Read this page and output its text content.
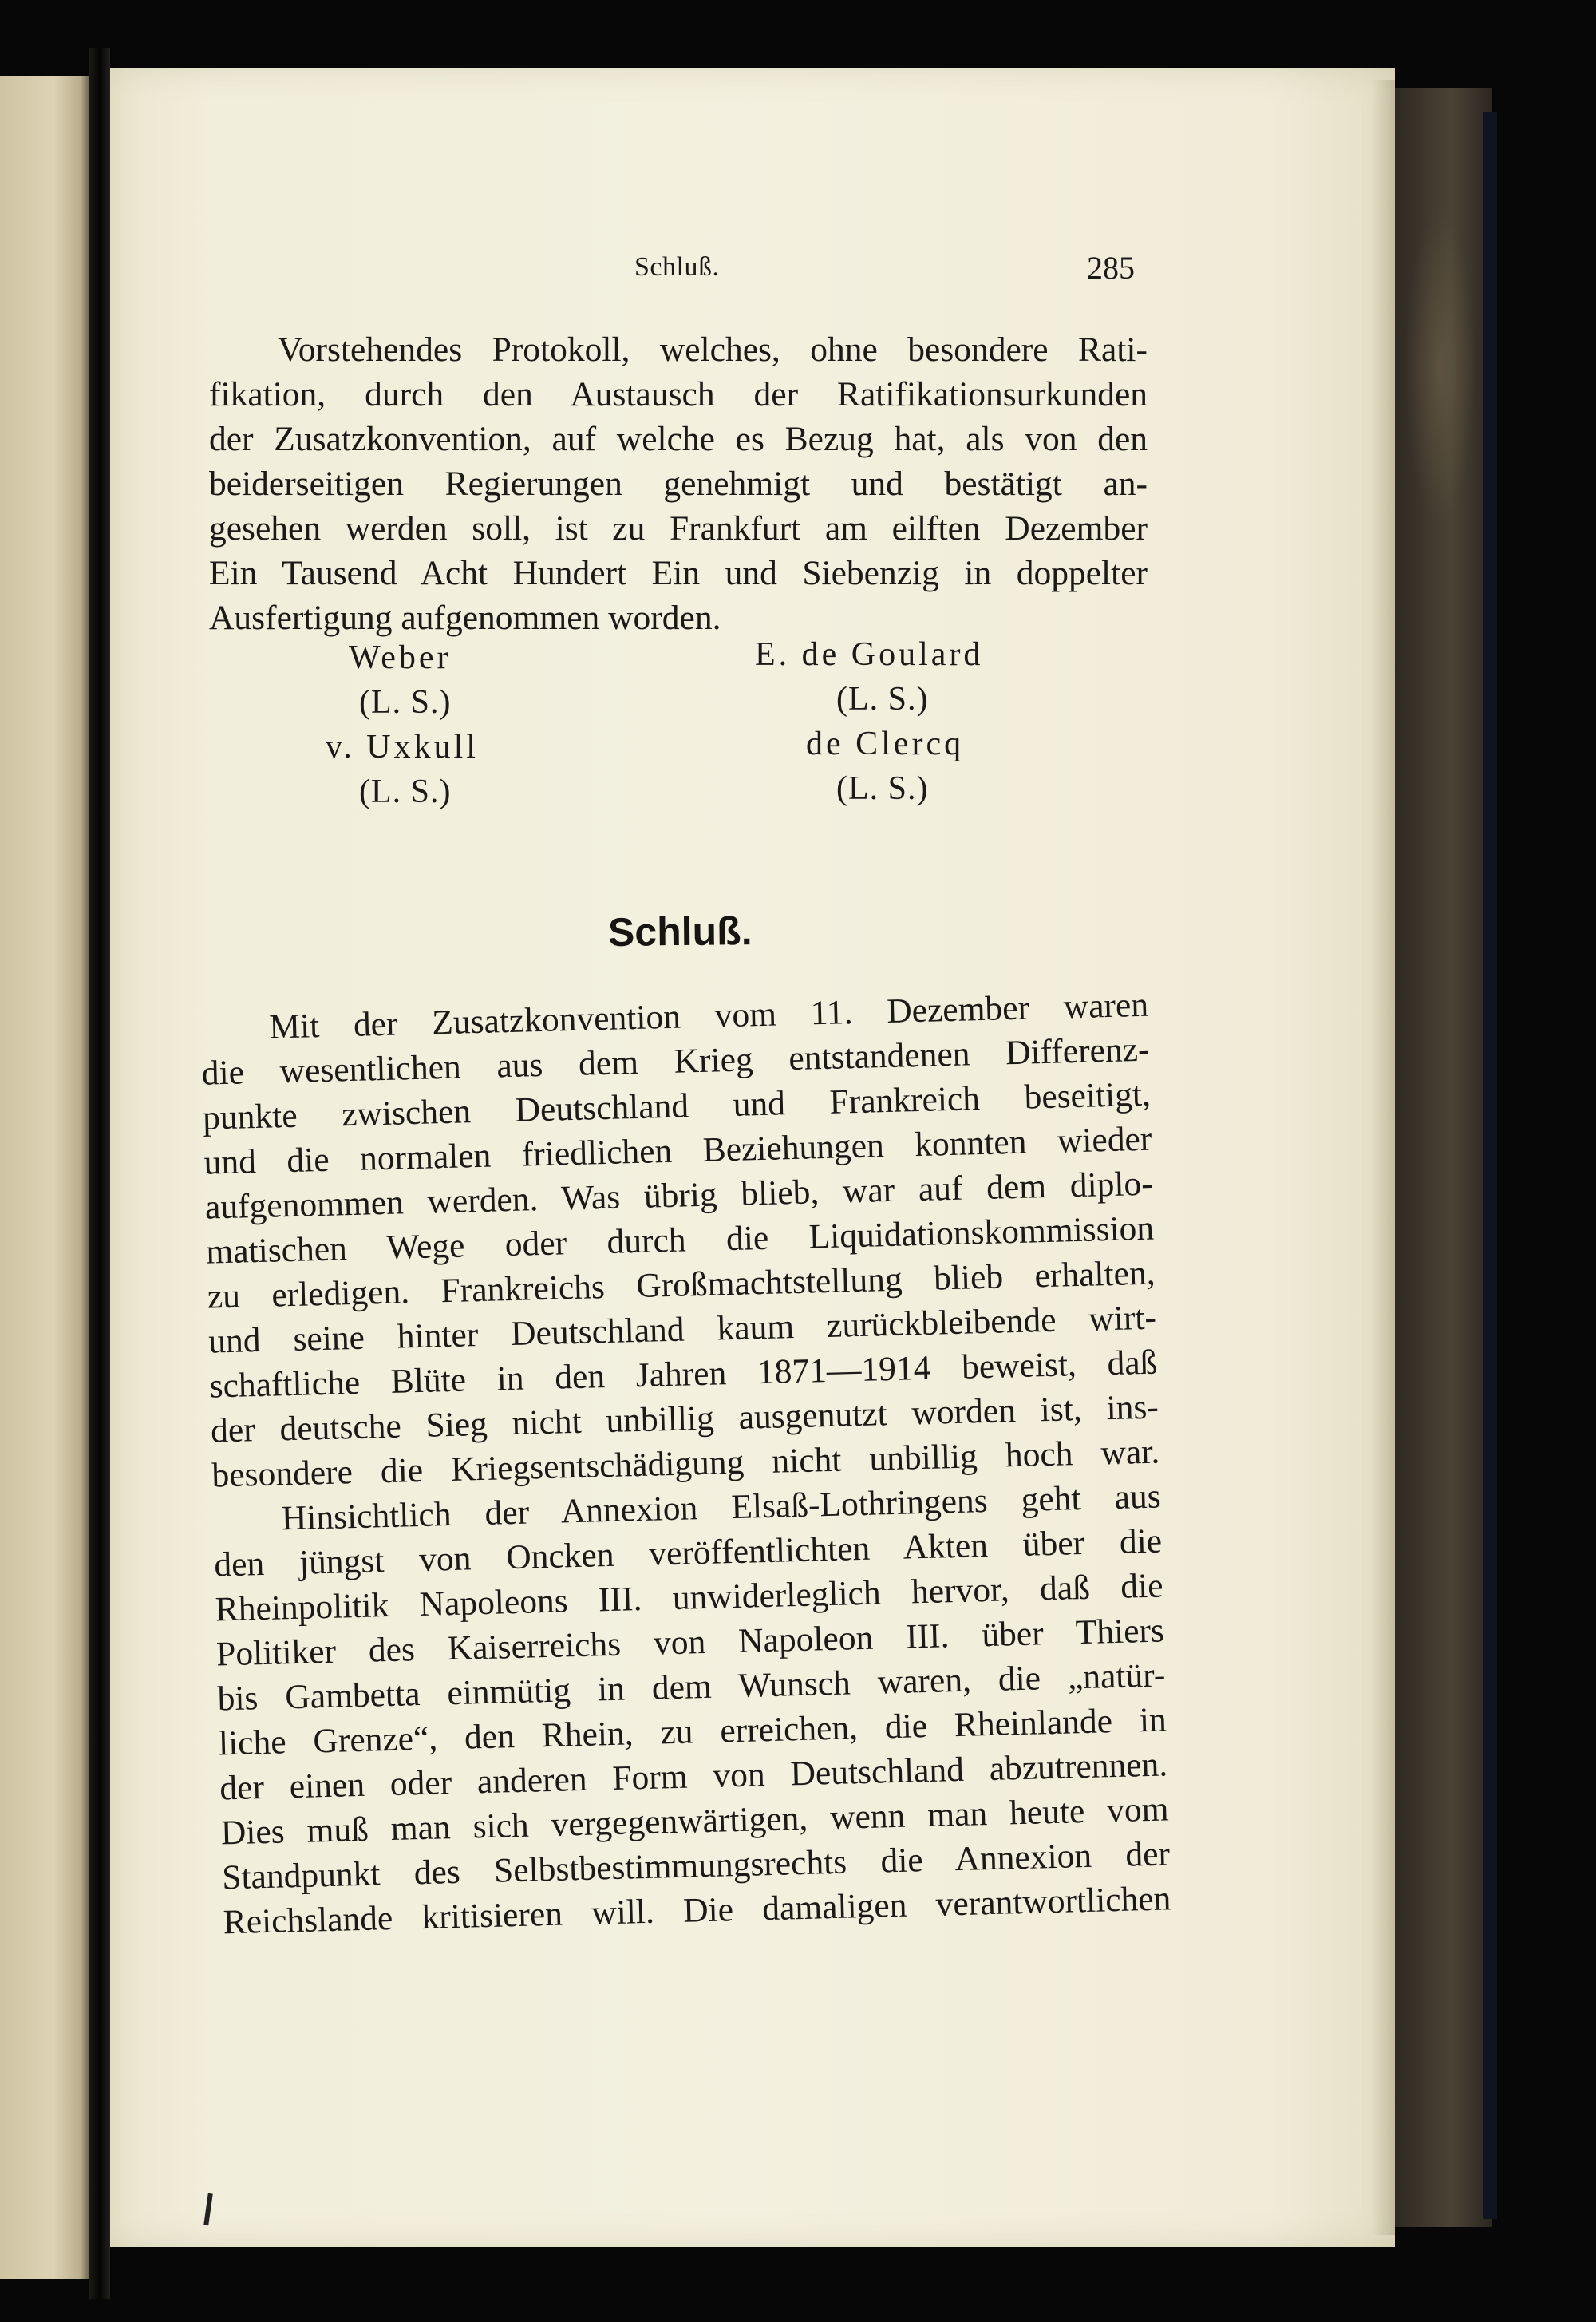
Schluß.	285
Vorstehendes Protokoll, welches, ohne besondere Rati-
fikation, durch den Austausch der Ratifikationsurkunden
der Zusatzkonvention, auf welche es Bezug hat, als von den
beiderseitigen Regierungen genehmigt und bestätigt an-
gesehen werden soll, ist zu Frankfurt am eilften Dezember
Ein Tausend Acht Hundert Ein und Siebenzig in doppelter
Ausfertigung aufgenommen worden.
Weber
(L. S.)
v. Uxkull
(L. S.)
E. de Goulard
(L. S.)
de Clercq
(L. S.)
Schluß.
Mit der Zusatzkonvention vom 11. Dezember waren
die wesentlichen aus dem Krieg entstandenen Differenz-
punkte zwischen Deutschland und Frankreich beseitigt,
und die normalen friedlichen Beziehungen konnten wieder
aufgenommen werden. Was übrig blieb, war auf dem diplo-
matischen Wege oder durch die Liquidationskommission
zu erledigen. Frankreichs Großmachtstellung blieb erhalten,
und seine hinter Deutschland kaum zurückbleibende wirt-
schaftliche Blüte in den Jahren 1871—1914 beweist, daß
der deutsche Sieg nicht unbillig ausgenutzt worden ist, ins-
besondere die Kriegsentschädigung nicht unbillig hoch war.
Hinsichtlich der Annexion Elsaß-Lothringens geht aus
den jüngst von Oncken veröffentlichten Akten über die
Rheinpolitik Napoleons III. unwiderleglich hervor, daß die
Politiker des Kaiserreichs von Napoleon III. über Thiers
bis Gambetta einmütig in dem Wunsch waren, die „natür-
liche Grenze“, den Rhein, zu erreichen, die Rheinlande in
der einen oder anderen Form von Deutschland abzutrennen.
Dies muß man sich vergegenwärtigen, wenn man heute vom
Standpunkt des Selbstbestimmungsrechts die Annexion der
Reichslande kritisieren will. Die damaligen verantwortlichen
